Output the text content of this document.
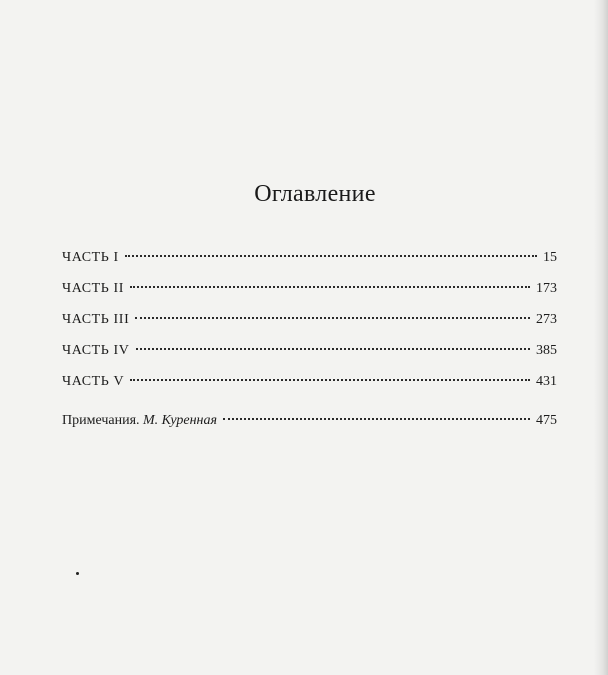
Оглавление
ЧАСТЬ I	15
ЧАСТЬ II	173
ЧАСТЬ III	273
ЧАСТЬ IV	385
ЧАСТЬ V	431
Примечания. М. Куренная	475
